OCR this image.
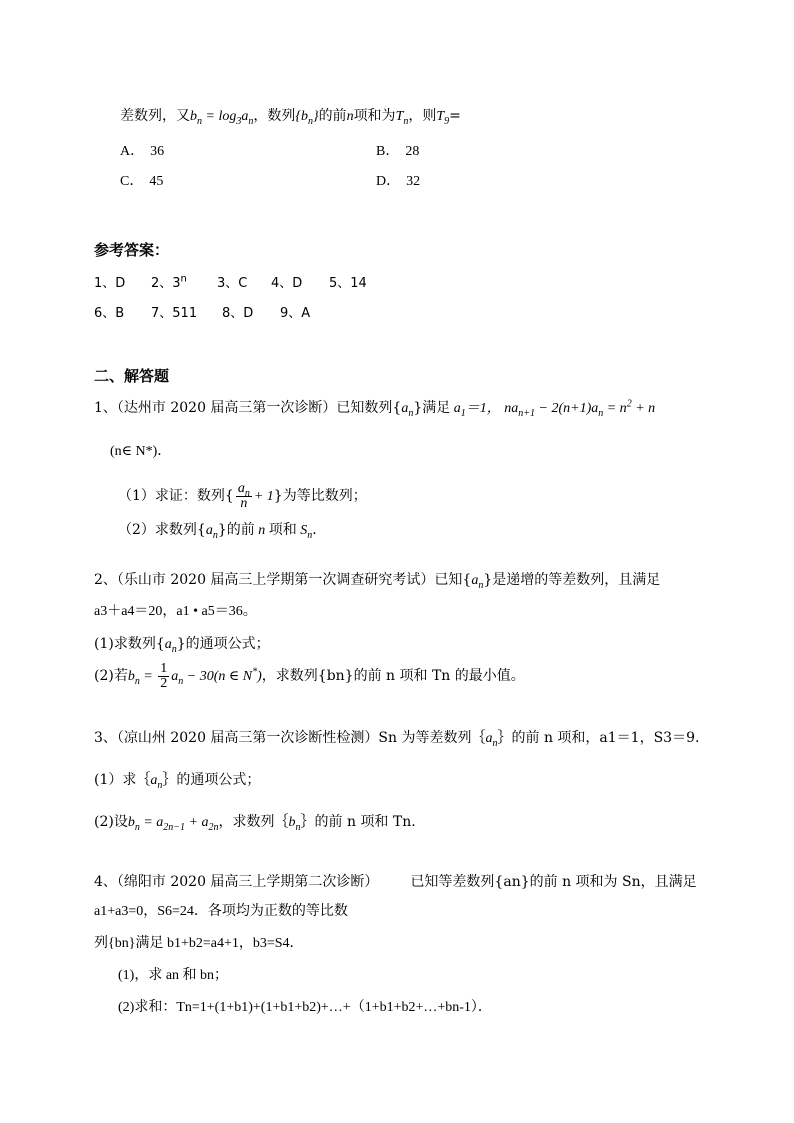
差数列，又$b_n = \log_3a_n$，数列$\{b_n\}$的前n项和为$T_n$，则$T_9=$
A． 36	B． 28
C． 45	D． 32
参考答案：
1、D 2、3$^n$ 3、C 4、D 5、14
6、B 7、511 8、D 9、A
二、解答题
1、（达州市 2020 届高三第一次诊断）已知数列$\{a_n\}$满足 $a_1=1$， $na_{n+1} - 2(n+1)a_n = n^2 + n$
(n∈ N*)．
（1）求证：数列{ $\frac{a_n}{n} + 1$}为等比数列；
（2）求数列$\{a_n\}$的前 n 项和 $S_n$.
2、（乐山市 2020 届高三上学期第一次调查研究考试）已知$\{a_n\}$是递增的等差数列，且满足
a3＋a4＝20，a1 • a5＝36。
(1)求数列$\{a_n\}$的通项公式；
(2)若$b_n = \frac{1}{2} a_n - 30(n$ ∈ N*)，求数列{bn}的前 n 项和 Tn 的最小值。
3、（凉山州 2020 届高三第一次诊断性检测）Sn 为等差数列$\{a_n\}$的前 n 项和，a1＝1，S3＝9.
(1）求$\{a_n\}$的通项公式；
(2)设$b_n = a_{2n-1} + a_{2n}$，求数列$\{b_n\}$的前 n 项和 Tn.
4、（绵阳市 2020 届高三上学期第二次诊断） 已知等差数列{an}的前 n 项和为 Sn，且满足
a1+a3=0，S6=24．各项均为正数的等比数
列{bn}满足 b1+b2=a4+1，b3=S4．
(1)，求 an 和 bn；
(2)求和：Tn=1+(1+b1)+(1+b1+b2)+…+（1+b1+b2+…+bn-1）．
